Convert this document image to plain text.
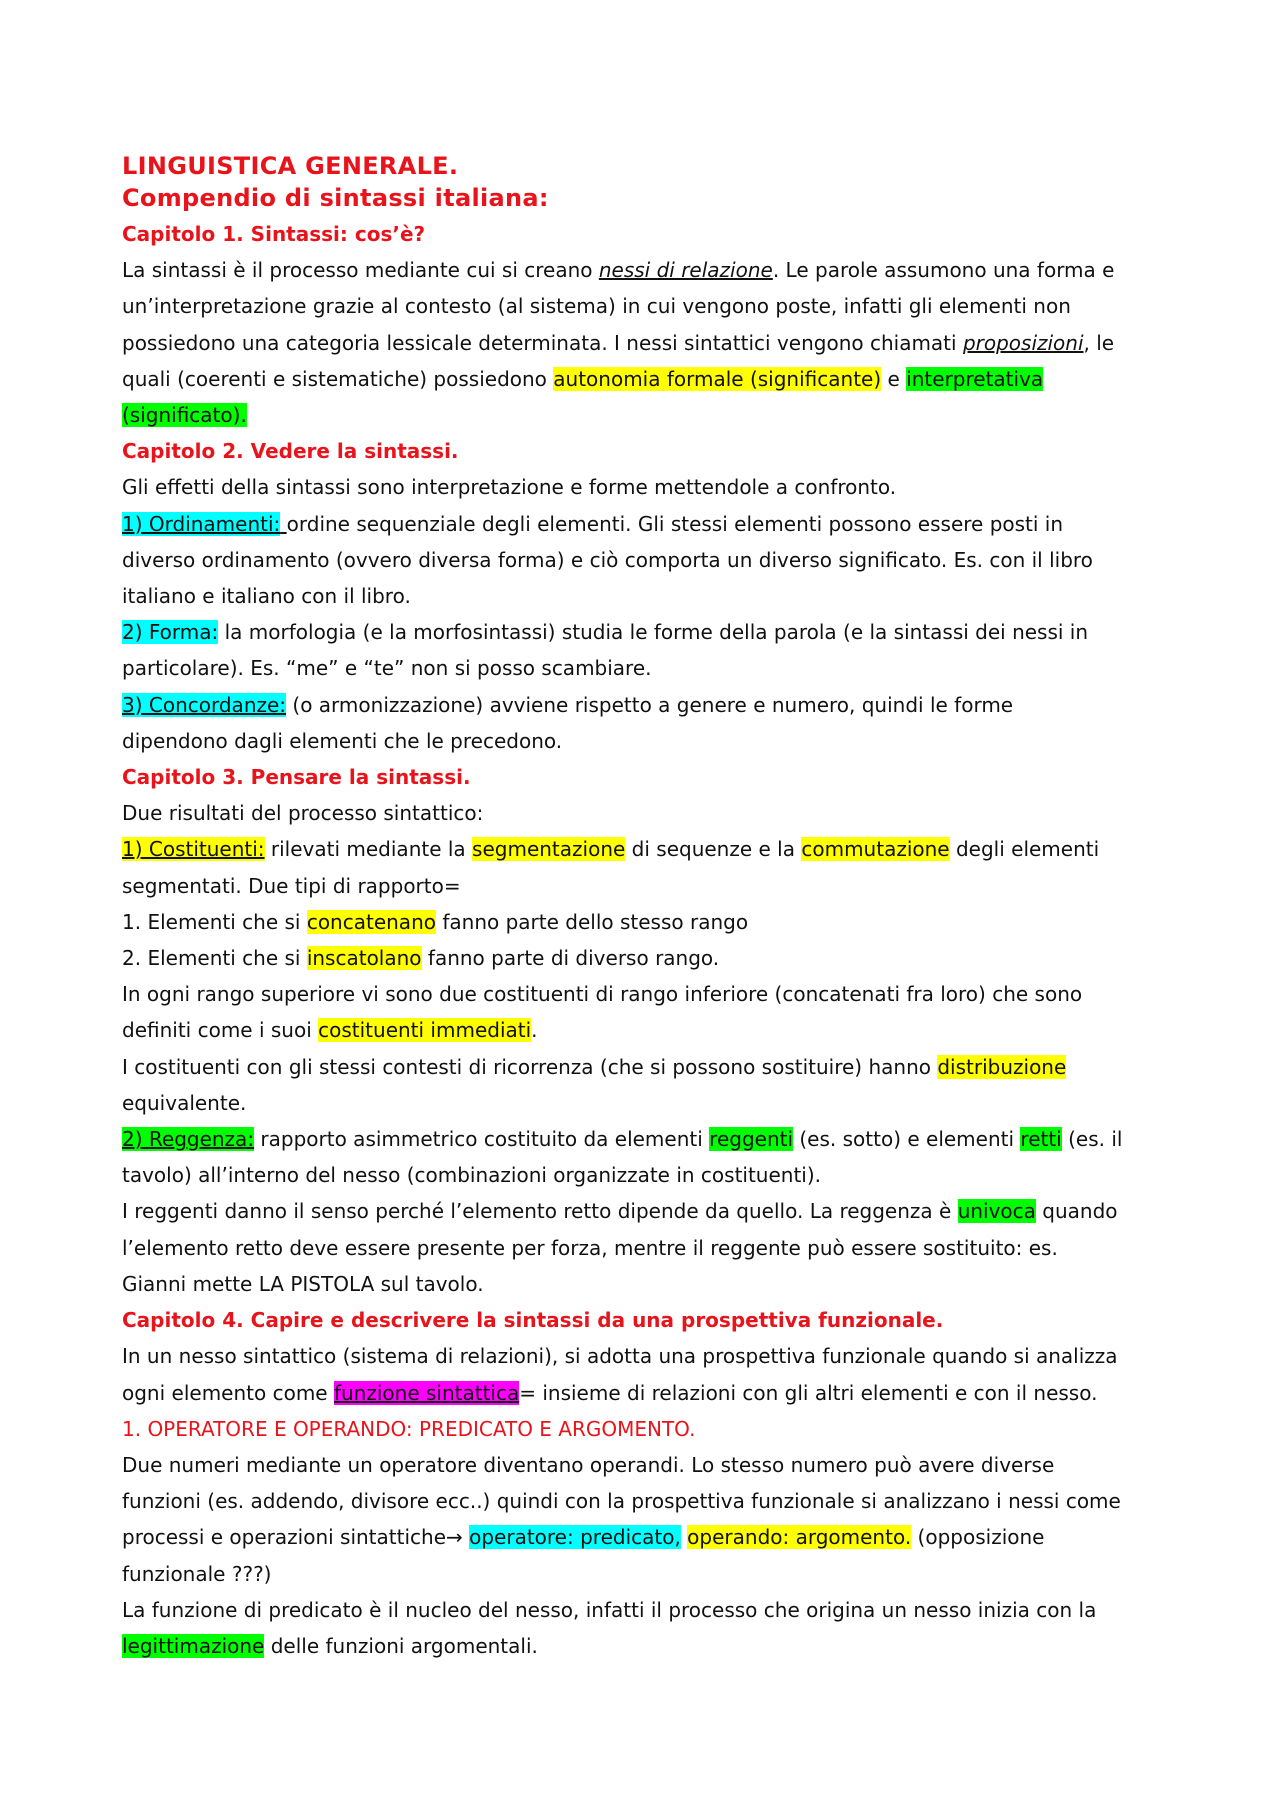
LINGUISTICA GENERALE.
Compendio di sintassi italiana:
Capitolo 1. Sintassi: cos’è?
La sintassi è il processo mediante cui si creano nessi di relazione. Le parole assumono una forma e
un’interpretazione grazie al contesto (al sistema) in cui vengono poste, infatti gli elementi non
possiedono una categoria lessicale determinata. I nessi sintattici vengono chiamati proposizioni, le
quali (coerenti e sistematiche) possiedono autonomia formale (significante) e interpretativa
(significato).
Capitolo 2. Vedere la sintassi.
Gli effetti della sintassi sono interpretazione e forme mettendole a confronto.
1) Ordinamenti: ordine sequenziale degli elementi. Gli stessi elementi possono essere posti in
diverso ordinamento (ovvero diversa forma) e ciò comporta un diverso significato. Es. con il libro
italiano e italiano con il libro.
2) Forma: la morfologia (e la morfosintassi) studia le forme della parola (e la sintassi dei nessi in
particolare). Es. “me” e “te” non si posso scambiare.
3) Concordanze: (o armonizzazione) avviene rispetto a genere e numero, quindi le forme
dipendono dagli elementi che le precedono.
Capitolo 3. Pensare la sintassi.
Due risultati del processo sintattico:
1) Costituenti: rilevati mediante la segmentazione di sequenze e la commutazione degli elementi
segmentati. Due tipi di rapporto=
1. Elementi che si concatenano fanno parte dello stesso rango
2. Elementi che si inscatolano fanno parte di diverso rango.
In ogni rango superiore vi sono due costituenti di rango inferiore (concatenati fra loro) che sono
definiti come i suoi costituenti immediati.
I costituenti con gli stessi contesti di ricorrenza (che si possono sostituire) hanno distribuzione
equivalente.
2) Reggenza: rapporto asimmetrico costituito da elementi reggenti (es. sotto) e elementi retti (es. il
tavolo) all’interno del nesso (combinazioni organizzate in costituenti).
I reggenti danno il senso perché l’elemento retto dipende da quello. La reggenza è univoca quando
l’elemento retto deve essere presente per forza, mentre il reggente può essere sostituito: es.
Gianni mette LA PISTOLA sul tavolo.
Capitolo 4. Capire e descrivere la sintassi da una prospettiva funzionale.
In un nesso sintattico (sistema di relazioni), si adotta una prospettiva funzionale quando si analizza
ogni elemento come funzione sintattica= insieme di relazioni con gli altri elementi e con il nesso.
1. OPERATORE E OPERANDO: PREDICATO E ARGOMENTO.
Due numeri mediante un operatore diventano operandi. Lo stesso numero può avere diverse
funzioni (es. addendo, divisore ecc..) quindi con la prospettiva funzionale si analizzano i nessi come
processi e operazioni sintattiche→ operatore: predicato, operando: argomento. (opposizione
funzionale ???)
La funzione di predicato è il nucleo del nesso, infatti il processo che origina un nesso inizia con la
legittimazione delle funzioni argomentali.
